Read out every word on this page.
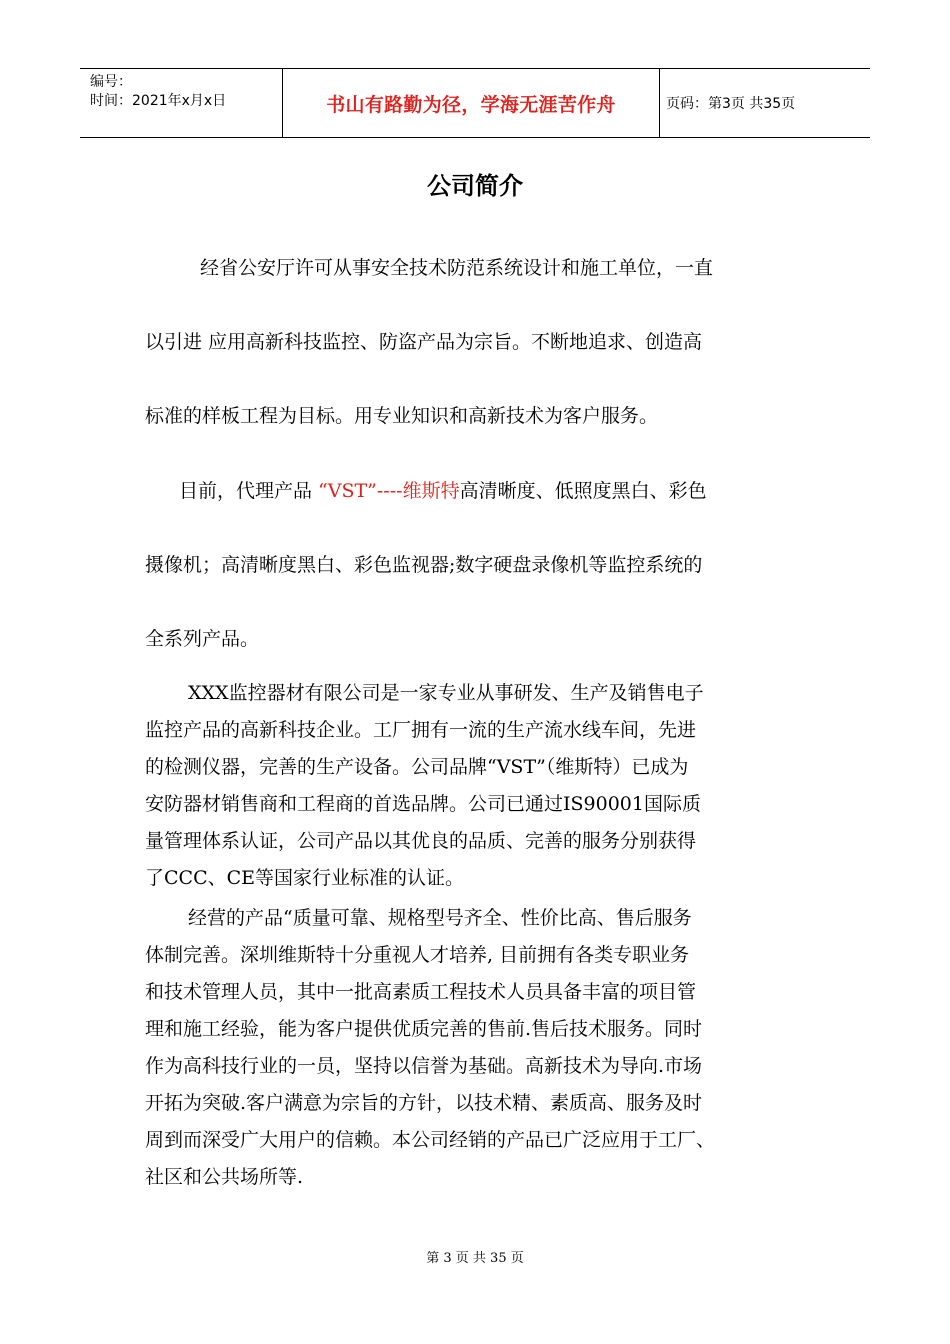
编号：
时间：2021年x月x日	书山有路勤为径，学海无涯苦作舟	页码：第3页 共35页
公司简介
经省公安厅许可从事安全技术防范系统设计和施工单位，一直
以引进 应用高新科技监控、防盗产品为宗旨。不断地追求、创造高
标准的样板工程为目标。用专业知识和高新技术为客户服务。
目前，代理产品 “VST”----维斯特高清晰度、低照度黑白、彩色
摄像机；高清晰度黑白、彩色监视器;数字硬盘录像机等监控系统的
全系列产品。
XXX监控器材有限公司是一家专业从事研发、生产及销售电子
监控产品的高新科技企业。工厂拥有一流的生产流水线车间，先进
的检测仪器，完善的生产设备。公司品牌“VST”（维斯特）已成为
安防器材销售商和工程商的首选品牌。公司已通过IS90001国际质
量管理体系认证，公司产品以其优良的品质、完善的服务分别获得
了CCC、CE等国家行业标准的认证。
经营的产品“质量可靠、规格型号齐全、性价比高、售后服务
体制完善。深圳维斯特十分重视人才培养, 目前拥有各类专职业务
和技术管理人员，其中一批高素质工程技术人员具备丰富的项目管
理和施工经验，能为客户提供优质完善的售前.售后技术服务。同时
作为高科技行业的一员，坚持以信誉为基础。高新技术为导向.市场
开拓为突破.客户满意为宗旨的方针，以技术精、素质高、服务及时
周到而深受广大用户的信赖。本公司经销的产品已广泛应用于工厂、
社区和公共场所等.
第 3 页 共 35 页
